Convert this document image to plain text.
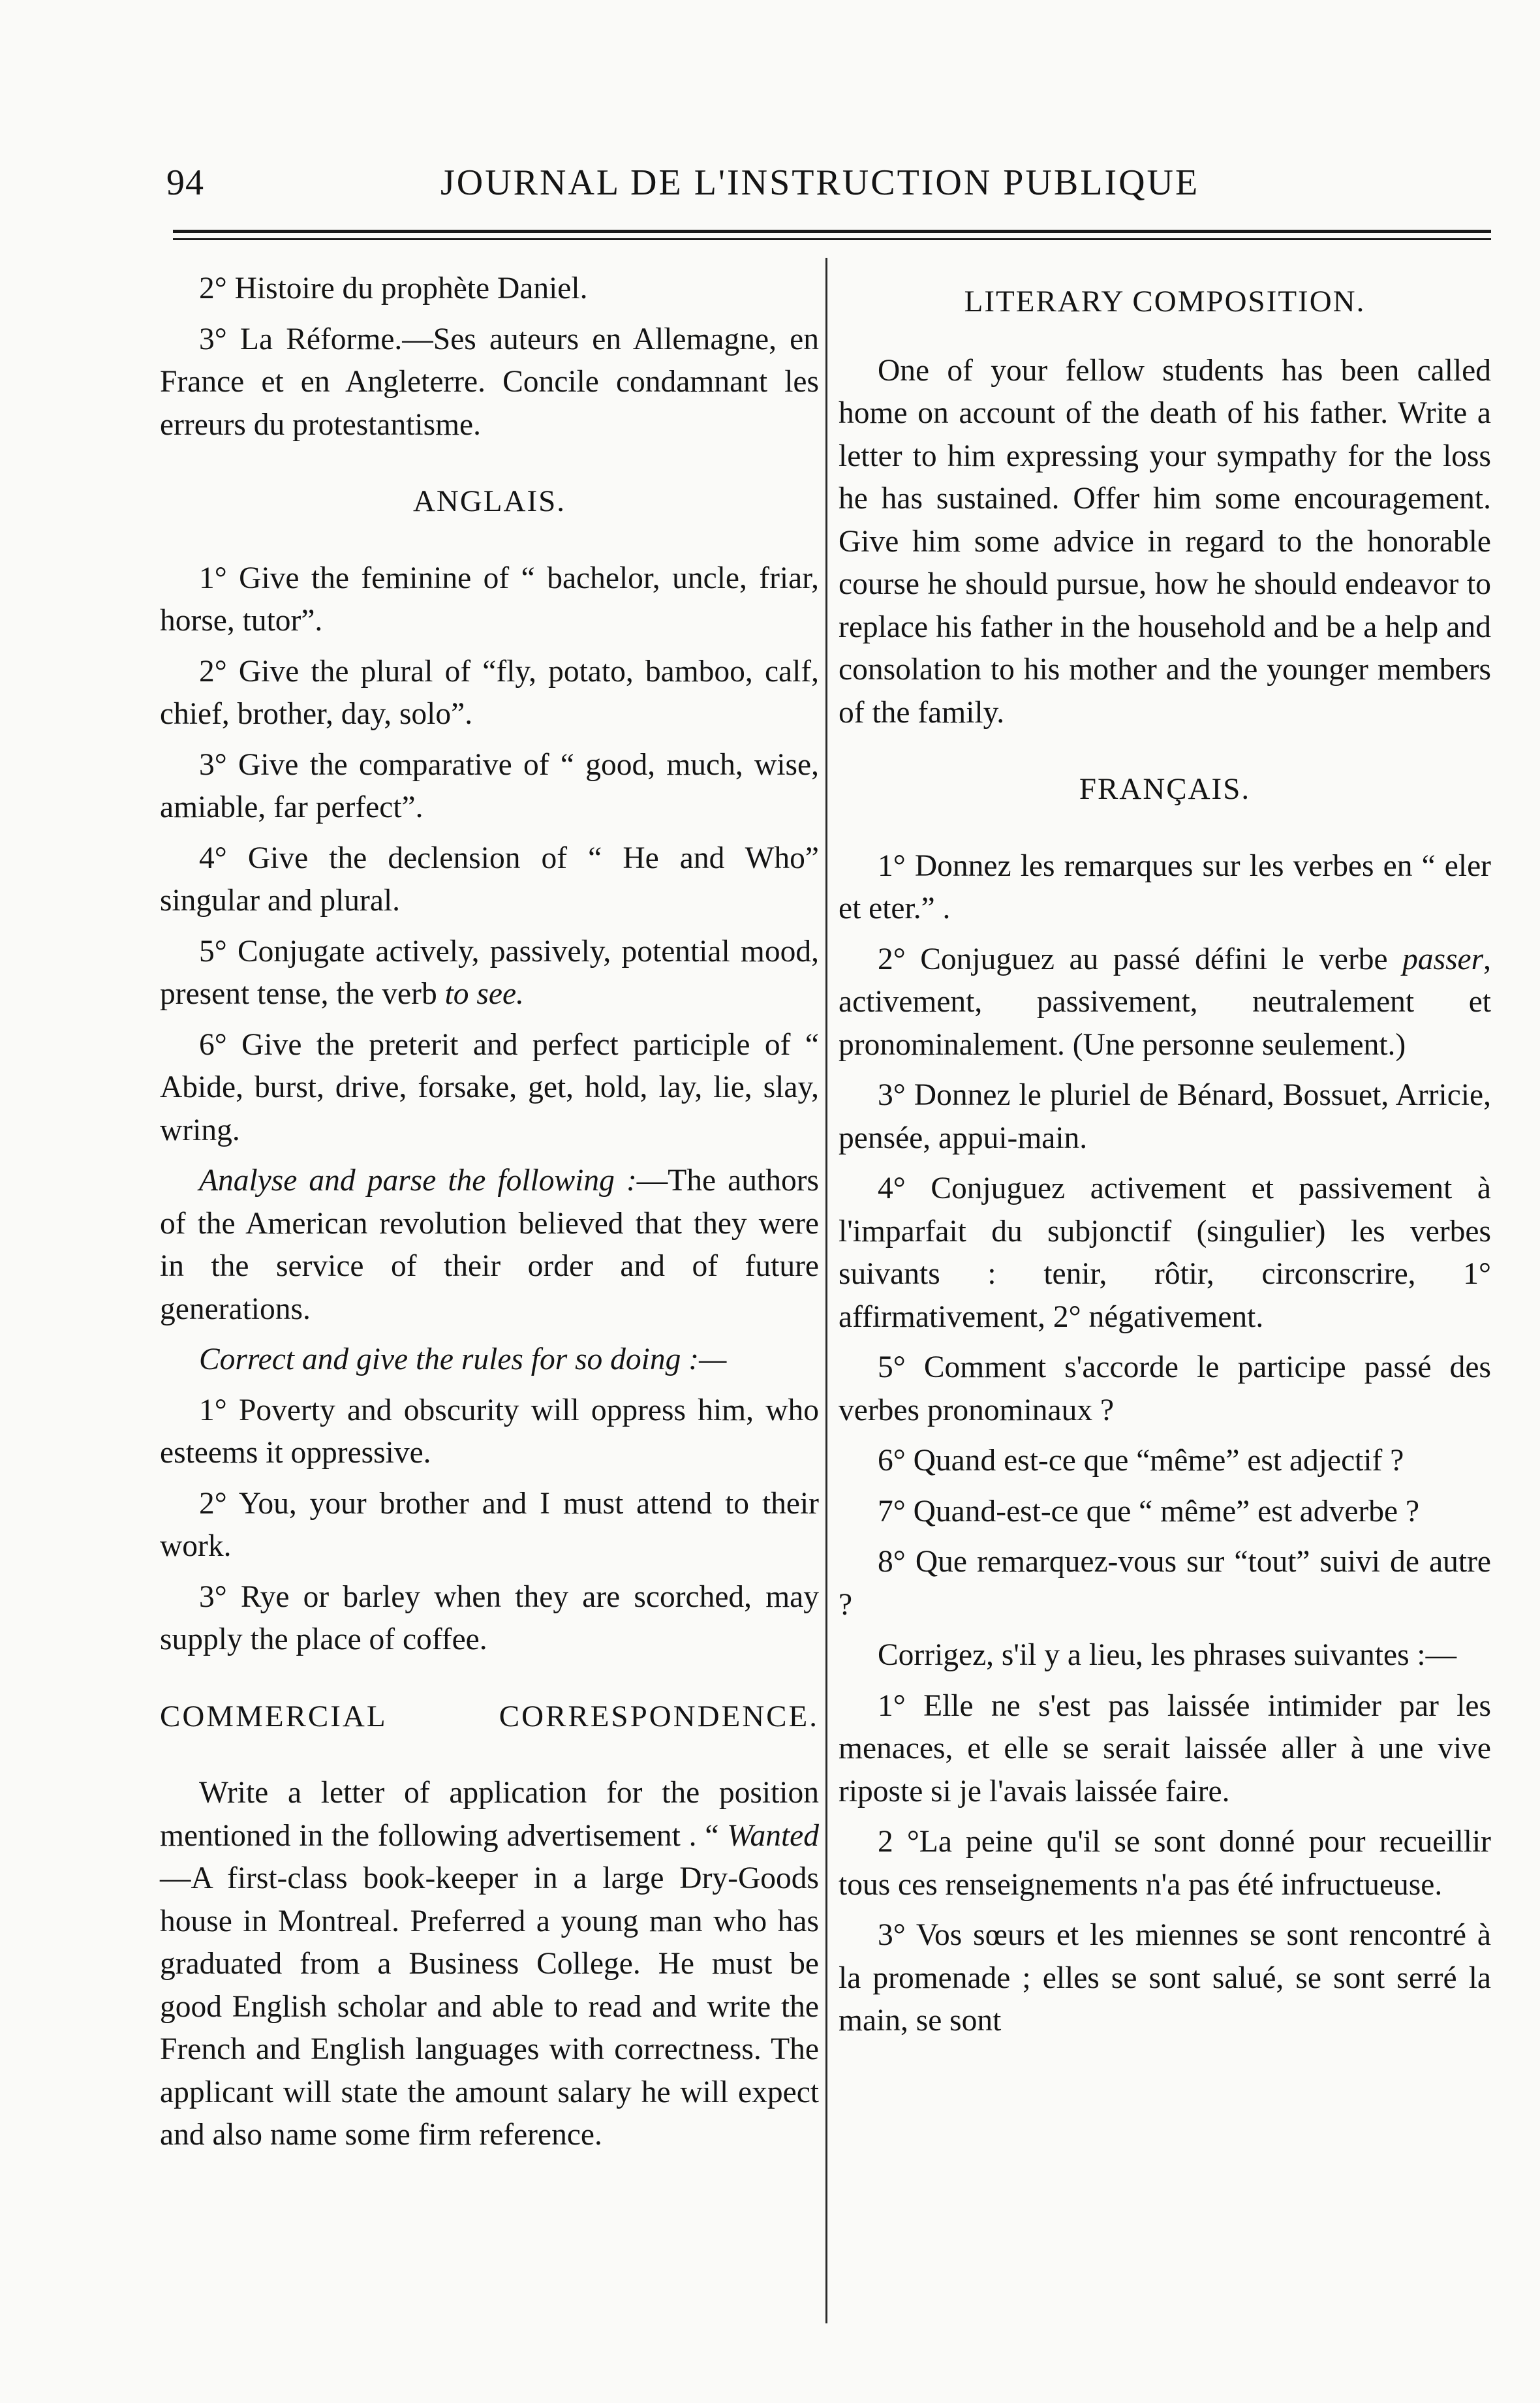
94	JOURNAL DE L'INSTRUCTION PUBLIQUE

2° Histoire du prophète Daniel.

3° La Réforme.—Ses auteurs en Allemagne, en France et en Angleterre. Concile condamnant les erreurs du protestantisme.

ANGLAIS.

1° Give the feminine of “ bachelor, uncle, friar, horse, tutor”.

2° Give the plural of “fly, potato, bamboo, calf, chief, brother, day, solo”.

3° Give the comparative of “ good, much, wise, amiable, far perfect”.

4° Give the declension of “ He and Who” singular and plural.

5° Conjugate actively, passively, potential mood, present tense, the verb to see.

6° Give the preterit and perfect participle of “ Abide, burst, drive, forsake, get, hold, lay, lie, slay, wring.

Analyse and parse the following :—The authors of the American revolution believed that they were in the service of their order and of future generations.

Correct and give the rules for so doing :—

1° Poverty and obscurity will oppress him, who esteems it oppressive.

2° You, your brother and I must attend to their work.

3° Rye or barley when they are scorched, may supply the place of coffee.

COMMERCIAL CORRESPONDENCE.

Write a letter of application for the position mentioned in the following advertisement . “ Wanted—A first-class book-keeper in a large Dry-Goods house in Montreal. Preferred a young man who has graduated from a Business College. He must be good English scholar and able to read and write the French and English languages with correctness. The applicant will state the amount salary he will expect and also name some firm reference.

LITERARY COMPOSITION.

One of your fellow students has been called home on account of the death of his father. Write a letter to him expressing your sympathy for the loss he has sustained. Offer him some encouragement. Give him some advice in regard to the honorable course he should pursue, how he should endeavor to replace his father in the household and be a help and consolation to his mother and the younger members of the family.

FRANÇAIS.

1° Donnez les remarques sur les verbes en “ eler et eter.” .

2° Conjuguez au passé défini le verbe passer, activement, passivement, neutralement et pronominalement. (Une personne seulement.)

3° Donnez le pluriel de Bénard, Bossuet, Arricie, pensée, appui-main.

4° Conjuguez activement et passivement à l'imparfait du subjonctif (singulier) les verbes suivants : tenir, rôtir, circonscrire, 1° affirmativement, 2° négativement.

5° Comment s'accorde le participe passé des verbes pronominaux ?

6° Quand est-ce que “même” est adjectif ?

7° Quand-est-ce que “ même” est adverbe ?

8° Que remarquez-vous sur “tout” suivi de autre ?

Corrigez, s'il y a lieu, les phrases suivantes :—

1° Elle ne s'est pas laissée intimider par les menaces, et elle se serait laissée aller à une vive riposte si je l'avais laissée faire.

2 °La peine qu'il se sont donné pour recueillir tous ces renseignements n'a pas été infructueuse.

3° Vos sœurs et les miennes se sont rencontré à la promenade ; elles se sont salué, se sont serré la main, se sont
